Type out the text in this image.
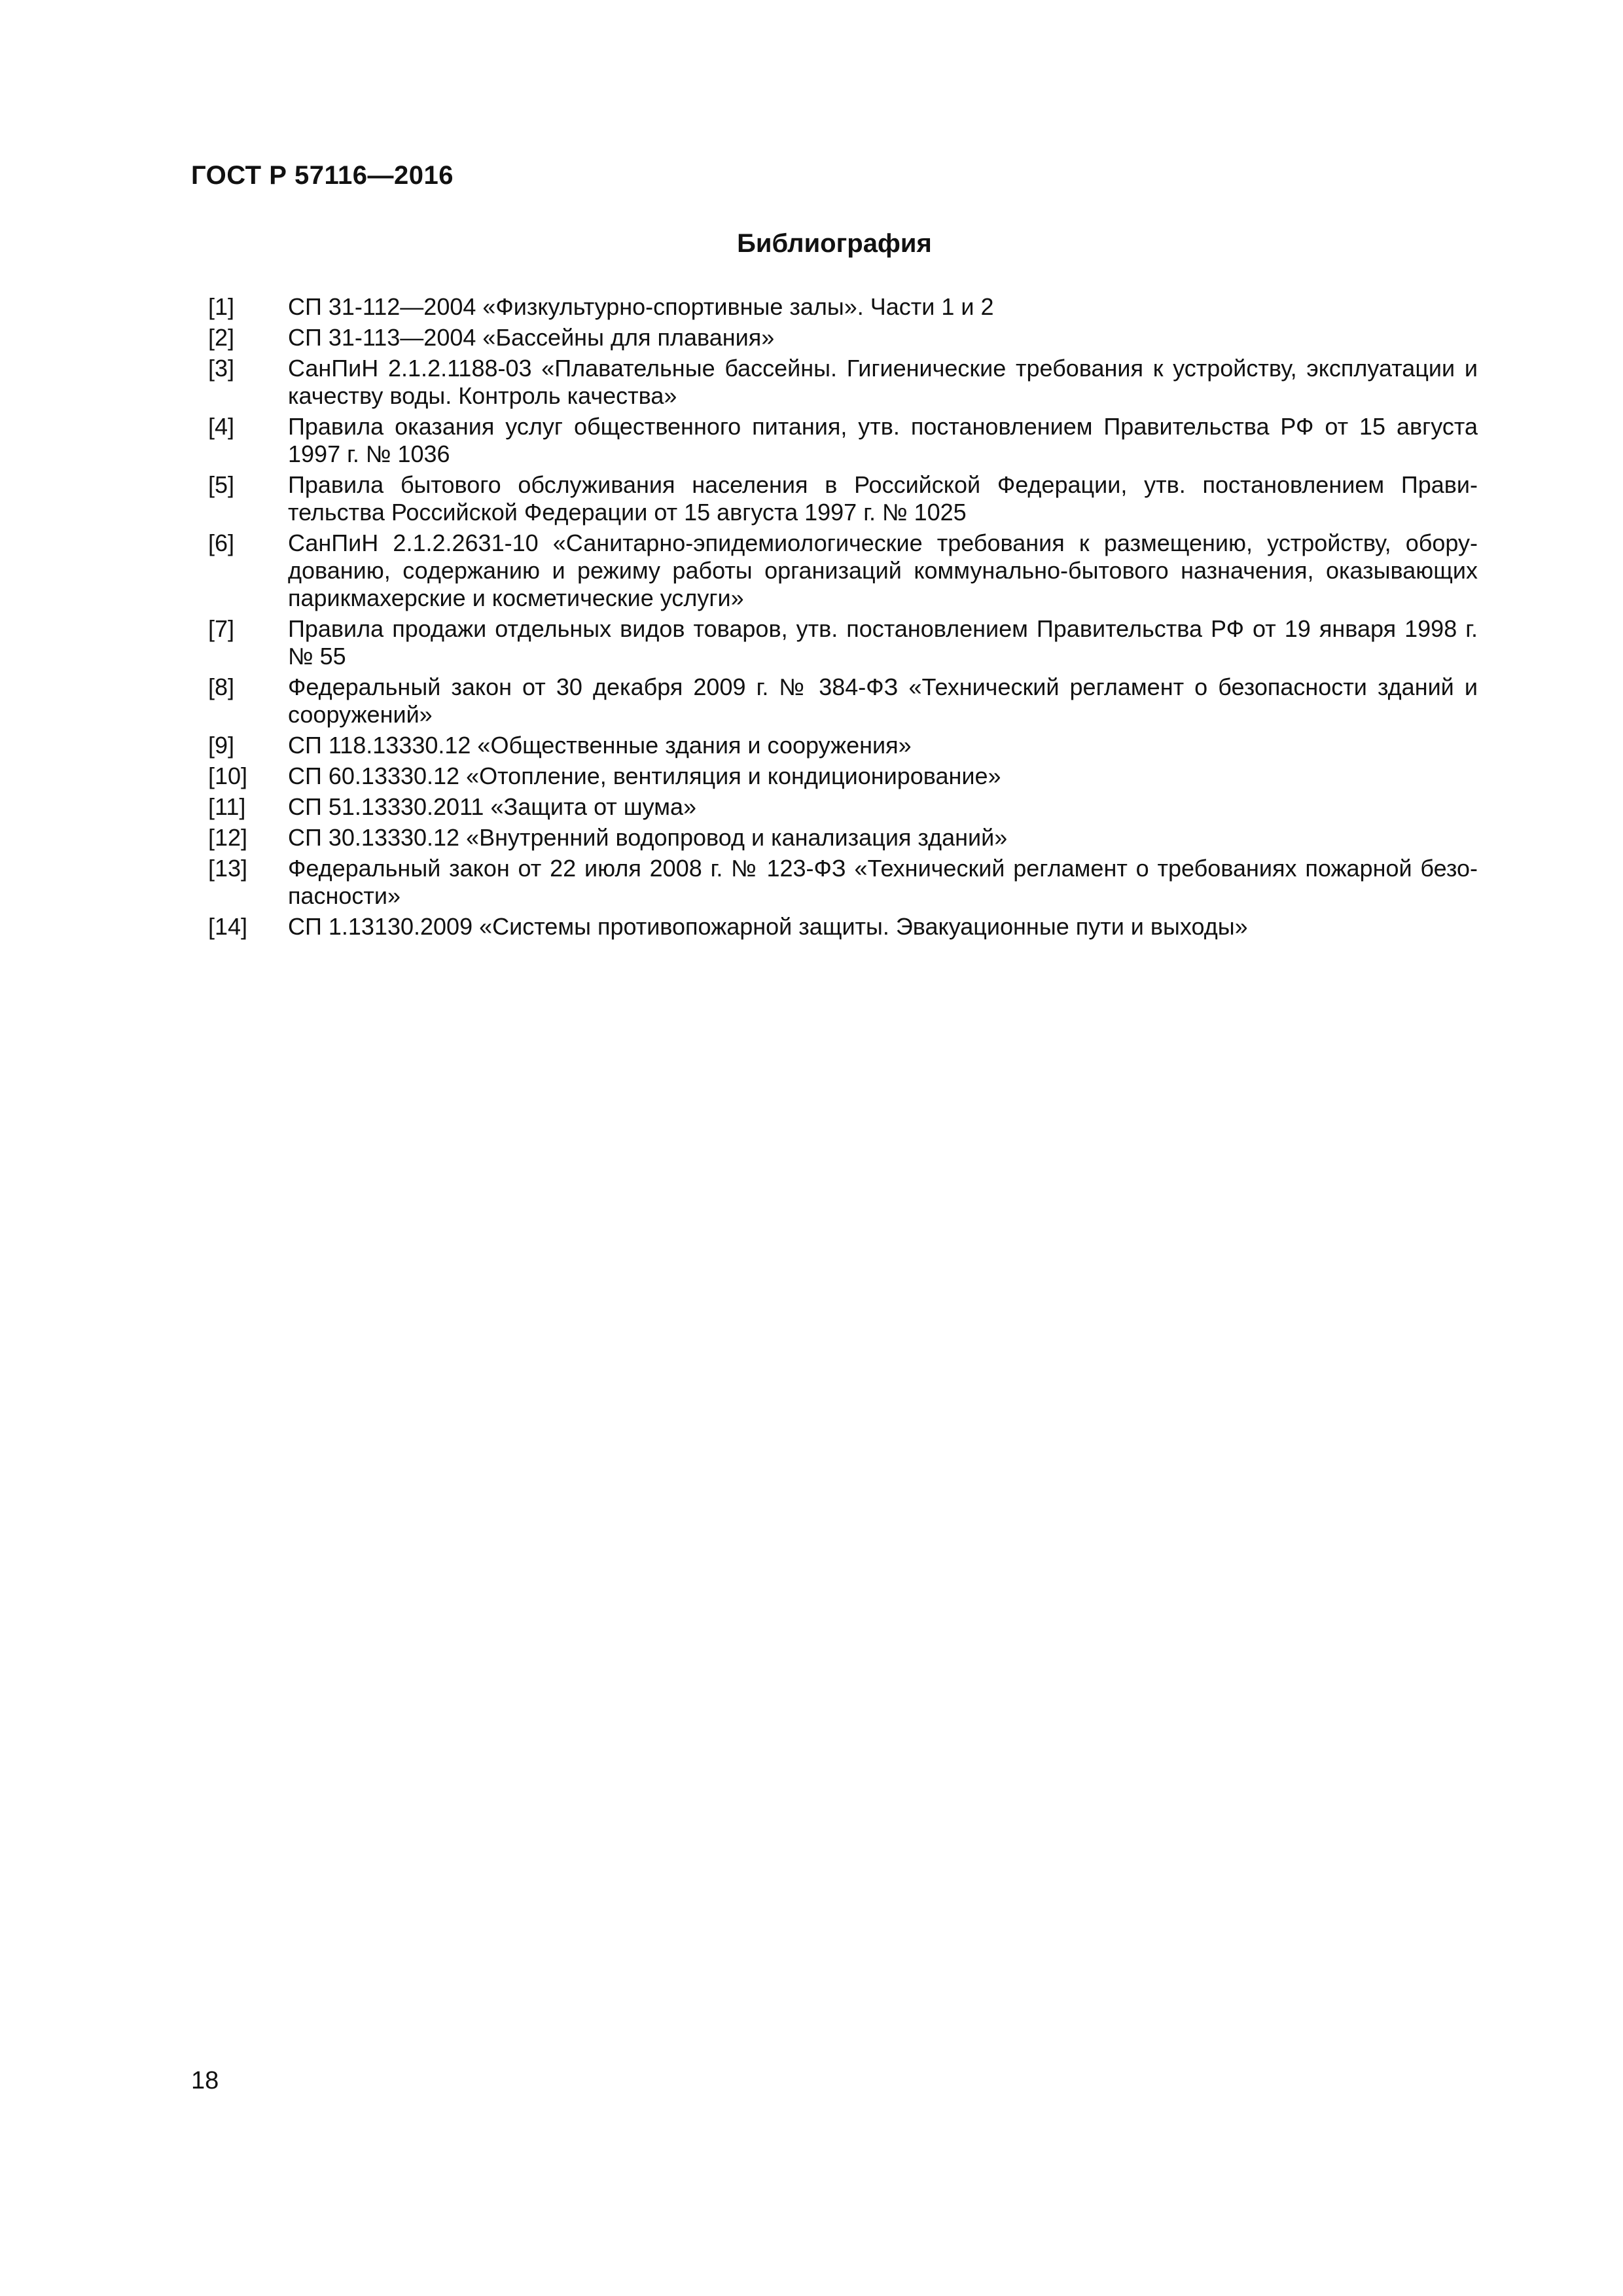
ГОСТ Р 57116—2016
Библиография
[1]	СП 31-112—2004 «Физкультурно-спортивные залы». Части 1 и 2
[2]	СП 31-113—2004 «Бассейны для плавания»
[3]	СанПиН 2.1.2.1188-03 «Плавательные бассейны. Гигиенические требования к устройству, эксплуатации и качеству воды. Контроль качества»
[4]	Правила оказания услуг общественного питания, утв. постановлением Правительства РФ от 15 августа 1997 г. № 1036
[5]	Правила бытового обслуживания населения в Российской Федерации, утв. постановлением Прави-тельства Российской Федерации от 15 августа 1997 г. № 1025
[6]	СанПиН 2.1.2.2631-10 «Санитарно-эпидемиологические требования к размещению, устройству, обору-дованию, содержанию и режиму работы организаций коммунально-бытового назначения, оказывающих парикмахерские и косметические услуги»
[7]	Правила продажи отдельных видов товаров, утв. постановлением Правительства РФ от 19 января 1998 г. № 55
[8]	Федеральный закон от 30 декабря 2009 г. № 384-ФЗ «Технический регламент о безопасности зданий и сооружений»
[9]	СП 118.13330.12 «Общественные здания и сооружения»
[10]	СП 60.13330.12 «Отопление, вентиляция и кондиционирование»
[11]	СП 51.13330.2011 «Защита от шума»
[12]	СП 30.13330.12 «Внутренний водопровод и канализация зданий»
[13]	Федеральный закон от 22 июля 2008 г. № 123-ФЗ «Технический регламент о требованиях пожарной безо-пасности»
[14]	СП 1.13130.2009 «Системы противопожарной защиты. Эвакуационные пути и выходы»
18
